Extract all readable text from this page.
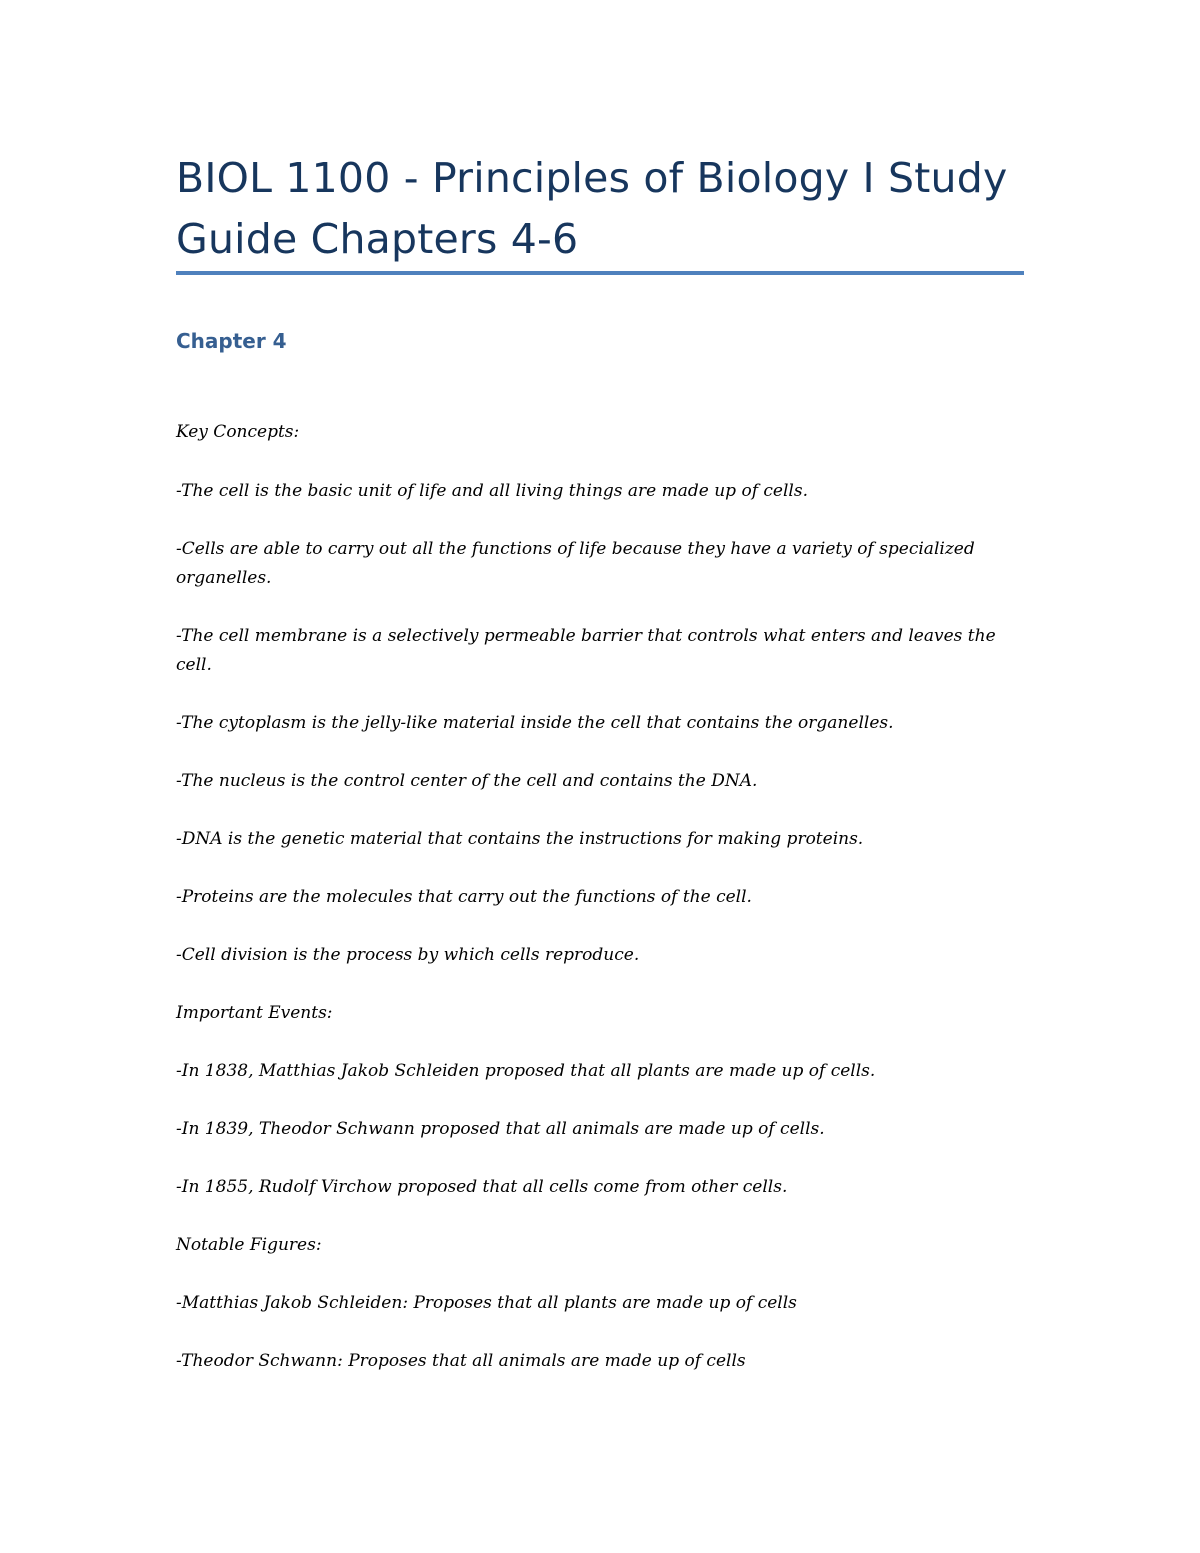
BIOL 1100 - Principles of Biology I Study
Guide Chapters 4-6
Chapter 4

Key Concepts:

-The cell is the basic unit of life and all living things are made up of cells.

-Cells are able to carry out all the functions of life because they have a variety of specialized

organelles.

-The cell membrane is a selectively permeable barrier that controls what enters and leaves the

cell.

-The cytoplasm is the jelly-like material inside the cell that contains the organelles.

-The nucleus is the control center of the cell and contains the DNA.

-DNA is the genetic material that contains the instructions for making proteins.

-Proteins are the molecules that carry out the functions of the cell.

-Cell division is the process by which cells reproduce.

Important Events:

-In 1838, Matthias Jakob Schleiden proposed that all plants are made up of cells.

-In 1839, Theodor Schwann proposed that all animals are made up of cells.

-In 1855, Rudolf Virchow proposed that all cells come from other cells.

Notable Figures:

-Matthias Jakob Schleiden: Proposes that all plants are made up of cells

-Theodor Schwann: Proposes that all animals are made up of cells
